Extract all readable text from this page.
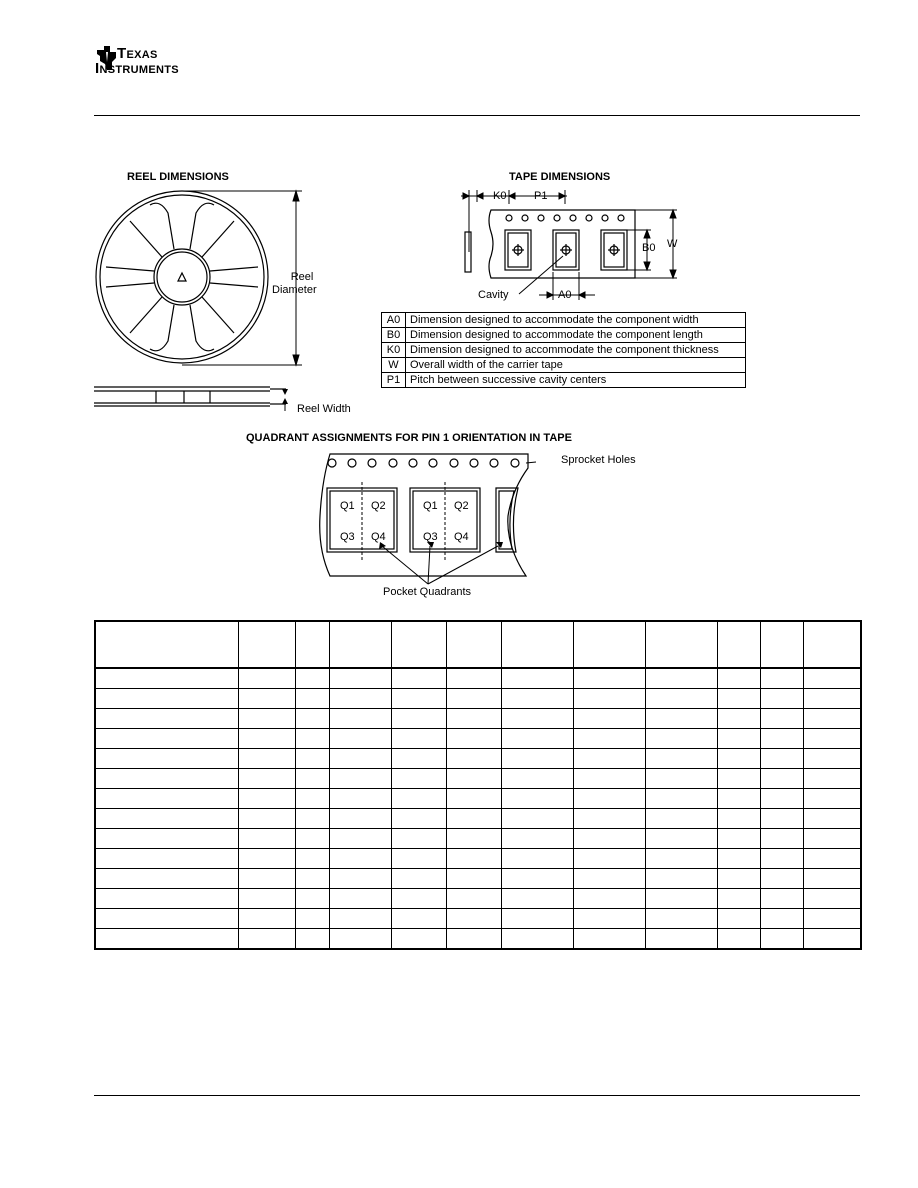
Texas
Instruments
REEL DIMENSIONS
Reel
Diameter
Reel Width
TAPE DIMENSIONS
K0	P1
B0 W
Cavity	A0
A0	Dimension designed to accommodate the component width
B0	Dimension designed to accommodate the component length
K0	Dimension designed to accommodate the component thickness
W	Overall width of the carrier tape
P1	Pitch between successive cavity centers
QUADRANT ASSIGNMENTS FOR PIN 1 ORIENTATION IN TAPE
Sprocket Holes
Q1 Q2
Q3 Q4
Q1 Q2
Q3 Q4
Pocket Quadrants
